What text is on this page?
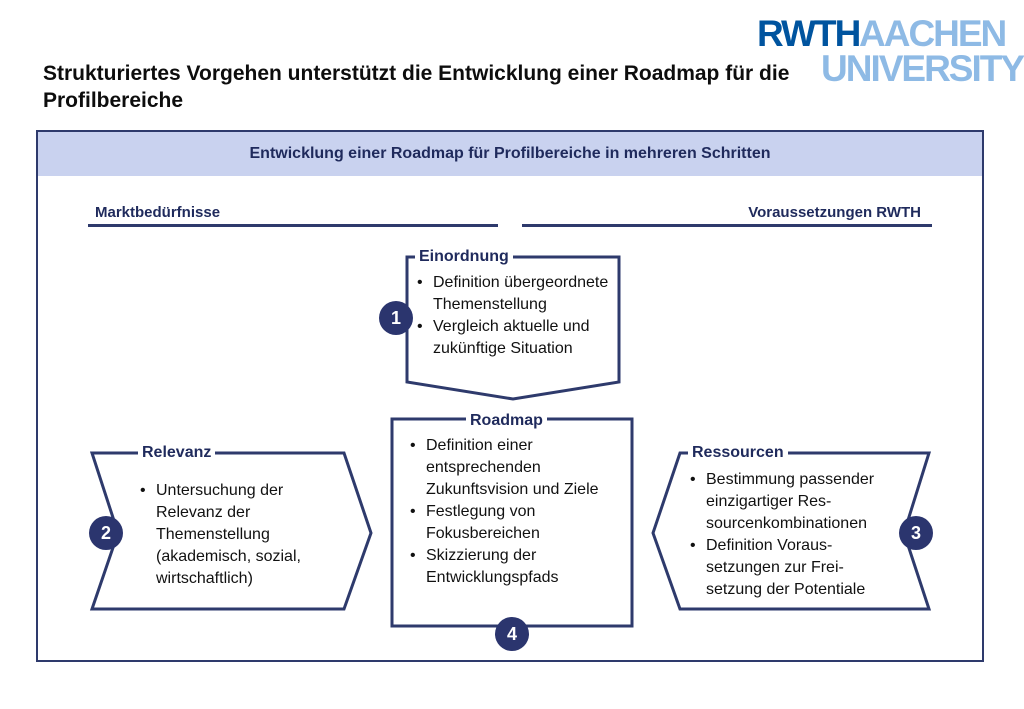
Strukturiertes Vorgehen unterstützt die Entwicklung einer Roadmap für die Profilbereiche
RWTH AACHEN
UNIVERSITY
Entwicklung einer Roadmap für Profilbereiche in mehreren Schritten
Marktbedürfnisse	Voraussetzungen RWTH
Einordnung
• Definition übergeordnete Themenstellung
• Vergleich aktuelle und zukünftige Situation
1
Roadmap
• Definition einer entsprechenden Zukunftsvision und Ziele
• Festlegung von Fokusbereichen
• Skizzierung der Entwicklungspfads
4
Relevanz
• Untersuchung der Relevanz der Themenstellung (akademisch, sozial, wirtschaftlich)
2
Ressourcen
• Bestimmung passender einzigartiger Res-sourcenkombinationen
• Definition Voraus-setzungen zur Frei-setzung der Potentiale
3
